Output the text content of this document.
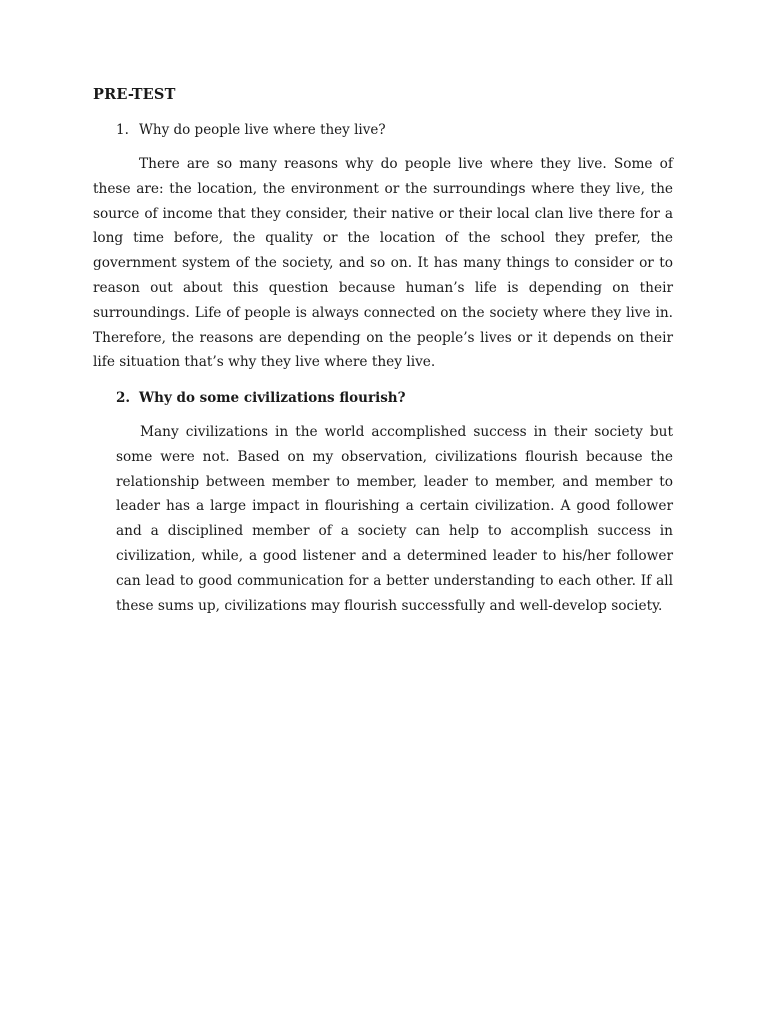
PRE-TEST
1. Why do people live where they live?

There are so many reasons why do people live where they live. Some of these are: the location, the environment or the surroundings where they live, the source of income that they consider, their native or their local clan live there for a long time before, the quality or the location of the school they prefer, the government system of the society, and so on. It has many things to consider or to reason out about this question because human’s life is depending on their surroundings. Life of people is always connected on the society where they live in. Therefore, the reasons are depending on the people’s lives or it depends on their life situation that’s why they live where they live.

2. Why do some civilizations flourish?

Many civilizations in the world accomplished success in their society but some were not. Based on my observation, civilizations flourish because the relationship between member to member, leader to member, and member to leader has a large impact in flourishing a certain civilization. A good follower and a disciplined member of a society can help to accomplish success in civilization, while, a good listener and a determined leader to his/her follower can lead to good communication for a better understanding to each other. If all these sums up, civilizations may flourish successfully and well-develop society.
